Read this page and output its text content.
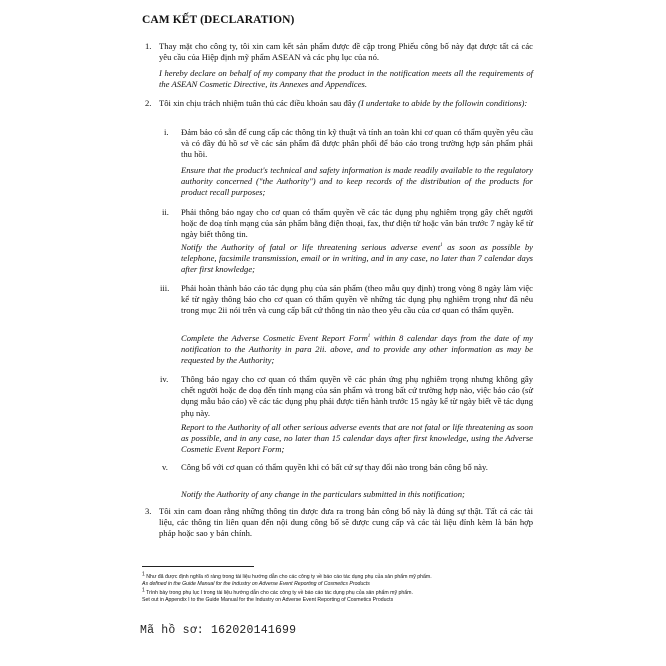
CAM KẾT (DECLARATION)
1. Thay mặt cho công ty, tôi xin cam kết sản phẩm được đề cập trong Phiếu công bố này đạt được tất cả các yêu cầu của Hiệp định mỹ phẩm ASEAN và các phụ lục của nó.
I hereby declare on behalf of my company that the product in the notification meets all the requirements of the ASEAN Cosmetic Directive, its Annexes and Appendices.
2. Tôi xin chịu trách nhiệm tuân thủ các điều khoản sau đây (I undertake to abide by the followin conditions):
i. Đảm bảo có sẵn để cung cấp các thông tin kỹ thuật và tính an toàn khi cơ quan có thẩm quyền yêu cầu và có đầy đủ hồ sơ về các sản phẩm đã được phân phối để báo cáo trong trường hợp sản phẩm phải thu hồi.
Ensure that the product's technical and safety information is made readily available to the regulatory authority concerned ("the Authority") and to keep records of the distribution of the products for product recall purposes;
ii. Phải thông báo ngay cho cơ quan có thẩm quyền về các tác dụng phụ nghiêm trọng gây chết người hoặc đe doạ tính mạng của sản phẩm bằng điện thoại, fax, thư điện tử hoặc văn bản trước 7 ngày kể từ ngày biết thông tin.
Notify the Authority of fatal or life threatening serious adverse event$^1$ as soon as possible by telephone, facsimile transmission, email or in writing, and in any case, no later than 7 calendar days after first knowledge;
iii. Phải hoàn thành báo cáo tác dụng phụ của sản phẩm (theo mẫu quy định) trong vòng 8 ngày làm việc kể từ ngày thông báo cho cơ quan có thẩm quyền về những tác dụng phụ nghiêm trọng như đã nêu trong mục 2ii nói trên và cung cấp bất cứ thông tin nào theo yêu cầu của cơ quan có thẩm quyền.
Complete the Adverse Cosmetic Event Report Form$^1$ within 8 calendar days from the date of my notification to the Authority in para 2ii. above, and to provide any other information as may be requested by the Authority;
iv. Thông báo ngay cho cơ quan có thẩm quyền về các phản ứng phụ nghiêm trọng nhưng không gây chết người hoặc đe doạ đến tính mạng của sản phẩm và trong bất cứ trường hợp nào, việc báo cáo (sử dụng mẫu báo cáo) về các tác dụng phụ phải được tiến hành trước 15 ngày kể từ ngày biết về tác dụng phụ này.
Report to the Authority of all other serious adverse events that are not fatal or life threatening as soon as possible, and in any case, no later than 15 calendar days after first knowledge, using the Adverse Cosmetic Event Report Form;
v. Công bố với cơ quan có thẩm quyền khi có bất cứ sự thay đổi nào trong bản công bố này.
Notify the Authority of any change in the particulars submitted in this notification;
3. Tôi xin cam đoan rằng những thông tin được đưa ra trong bản công bố này là đúng sự thật. Tất cả các tài liệu, các thông tin liên quan đến nội dung công bố sẽ được cung cấp và các tài liệu đính kèm là bản hợp pháp hoặc sao y bản chính.
$^1$ Như đã được định nghĩa rõ ràng trong tài liệu hướng dẫn cho các công ty về báo cáo tác dụng phụ của sản phẩm mỹ phẩm.
As defined in the Guide Manual for the Industry on Adverse Event Reporting of Cosmetics Products
$^1$ Trình bày trong phụ lục I trong tài liệu hướng dẫn cho các công ty về báo cáo tác dụng phụ của sản phẩm mỹ phẩm.
Set out in Appendix I to the Guide Manual for the Industry on Adverse Event Reporting of Cosmetics Products
Mã hồ sơ: 162020141699
